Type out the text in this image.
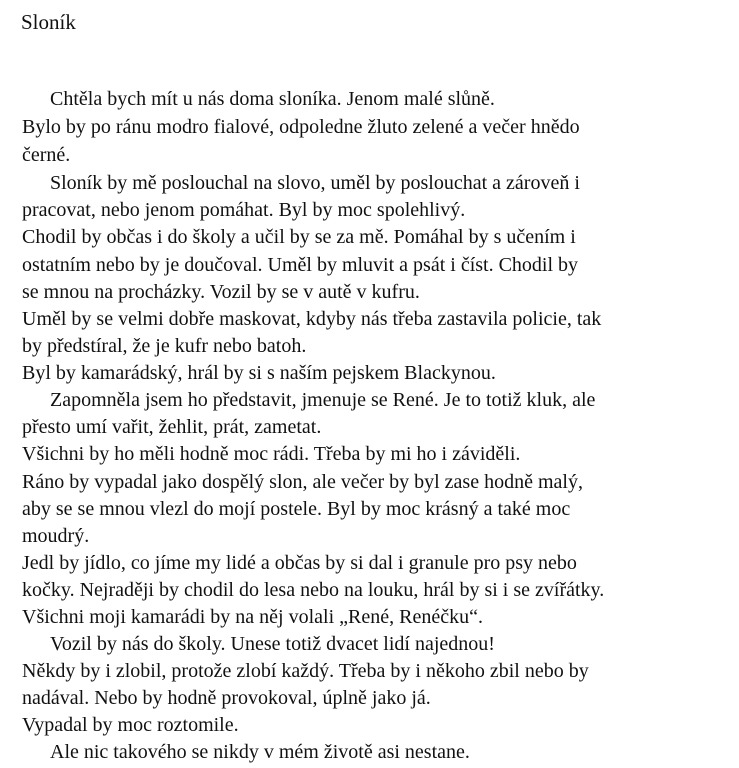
Sloník
Chtěla bych mít u nás doma sloníka. Jenom malé slůně.
Bylo by po ránu modro fialové, odpoledne žluto zelené a večer hnědo
černé.
Sloník by mě poslouchal na slovo, uměl by poslouchat a zároveň i
pracovat, nebo jenom pomáhat. Byl by moc spolehlivý.
Chodil by občas i do školy a učil by se za mě. Pomáhal by s učením i
ostatním nebo by je doučoval. Uměl by mluvit a psát i číst. Chodil by
se mnou na procházky. Vozil by se v autě v kufru.
Uměl by se velmi dobře maskovat, kdyby nás třeba zastavila policie, tak
by předstíral, že je kufr nebo batoh.
Byl by kamarádský, hrál by si s naším pejskem Blackynou.
Zapomněla jsem ho představit, jmenuje se René. Je to totiž kluk, ale
přesto umí vařit, žehlit, prát, zametat.
Všichni by ho měli hodně moc rádi. Třeba by mi ho i záviděli.
Ráno by vypadal jako dospělý slon, ale večer by byl zase hodně malý,
aby se se mnou vlezl do mojí postele. Byl by moc krásný a také moc
moudrý.
Jedl by jídlo, co jíme my lidé a občas by si dal i granule pro psy nebo
kočky. Nejraději by chodil do lesa nebo na louku, hrál by si i se zvířátky.
Všichni moji kamarádi by na něj volali „René, Renéčku“.
Vozil by nás do školy. Unese totiž dvacet lidí najednou!
Někdy by i zlobil, protože zlobí každý. Třeba by i někoho zbil nebo by
nadával. Nebo by hodně provokoval, úplně jako já.
Vypadal by moc roztomile.
Ale nic takového se nikdy v mém životě asi nestane.
